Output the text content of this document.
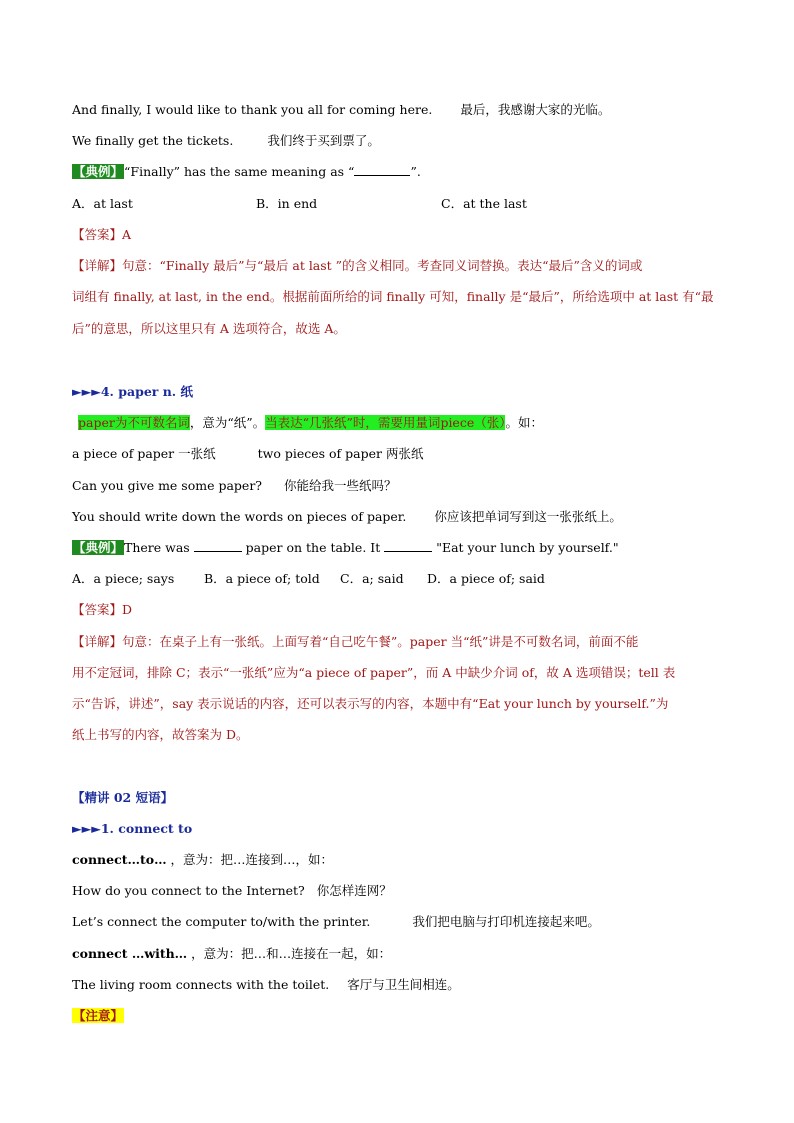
And finally, I would like to thank you all for coming here. 最后，我感谢大家的光临。
We finally get the tickets.	我们终于买到票了。
【典例】“Finally” has the same meaning as “	”.
A．at last	B．in end	C．at the last
【答案】A
【详解】句意：“Finally 最后”与“最后 at last ”的含义相同。考查同义词替换。表达“最后”含义的词或
词组有 finally, at last, in the end。根据前面所给的词 finally 可知，finally 是“最后”，所给选项中 at last 有“最
后”的意思，所以这里只有 A 选项符合，故选 A。
►►►4. paper n. 纸
paper为不可数名词，意为“纸”。当表达“几张纸”时，需要用量词piece（张）。如：
a piece of paper 一张纸	two pieces of paper 两张纸
Can you give me some paper? 你能给我一些纸吗？
You should write down the words on pieces of paper. 你应该把单词写到这一张张纸上。
【典例】There was	paper on the table. It	"Eat your lunch by yourself."
A．a piece; says B．a piece of; told C．a; said D．a piece of; said
【答案】D
【详解】句意：在桌子上有一张纸。上面写着“自己吃午餐”。paper 当“纸”讲是不可数名词，前面不能
用不定冠词，排除 C；表示“一张纸”应为“a piece of paper”，而 A 中缺少介词 of，故 A 选项错误；tell 表
示“告诉，讲述”，say 表示说话的内容，还可以表示写的内容，本题中有“Eat your lunch by yourself.”为
纸上书写的内容，故答案为 D。
【精讲 02 短语】
►►►1. connect to
connect…to… ，意为：把…连接到…，如：
How do you connect to the Internet? 你怎样连网？
Let’s connect the computer to/with the printer.	我们把电脑与打印机连接起来吧。
connect …with… ，意为：把…和…连接在一起，如：
The living room connects with the toilet. 客厅与卫生间相连。
【注意】
